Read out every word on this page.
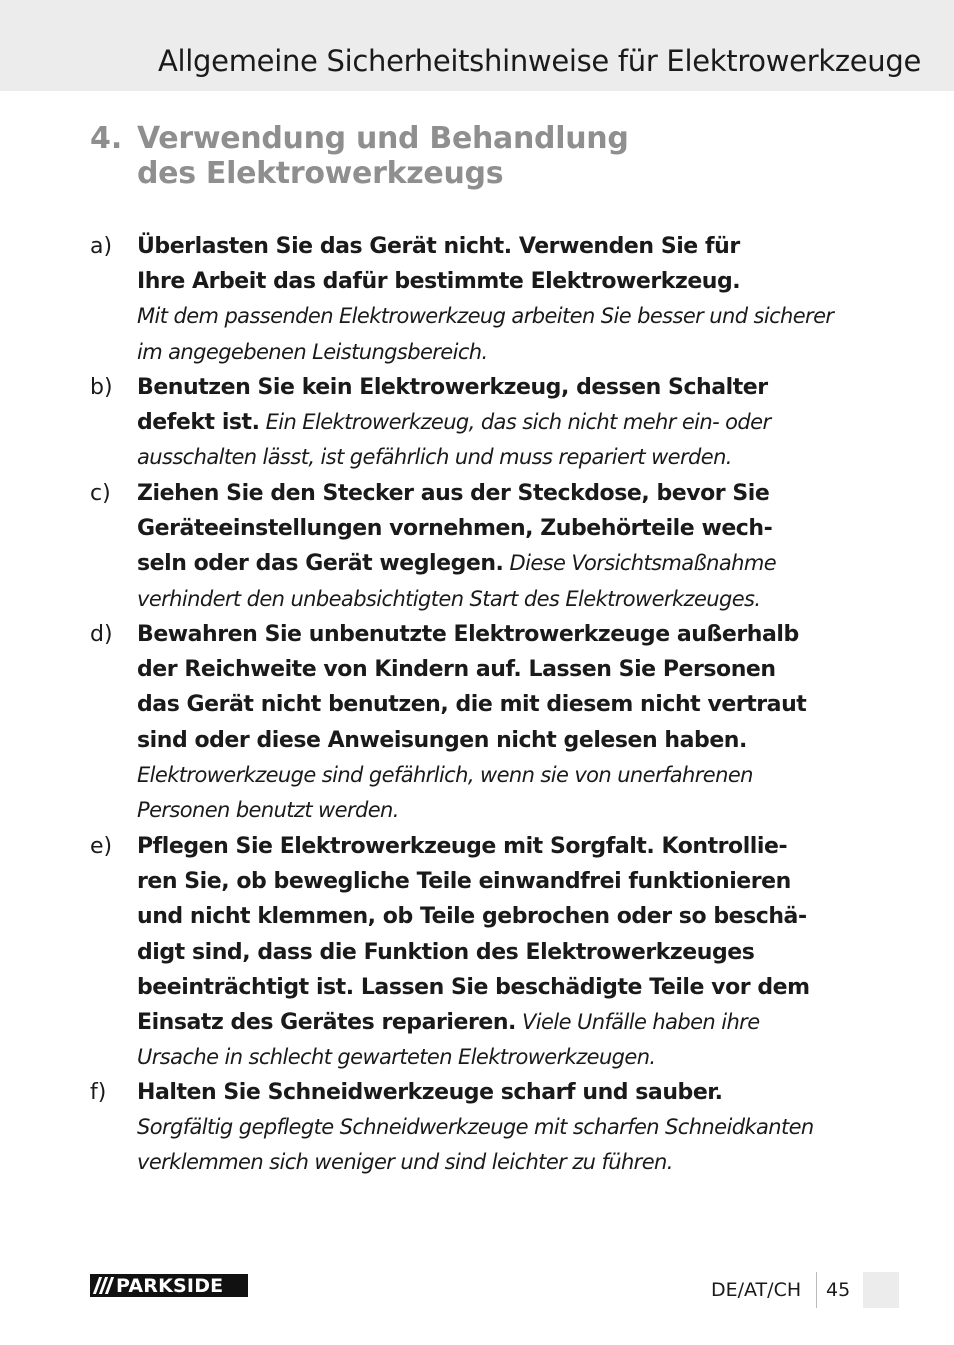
Allgemeine Sicherheitshinweise für Elektrowerkzeuge
4. Verwendung und Behandlung
des Elektrowerkzeugs
a) Überlasten Sie das Gerät nicht. Verwenden Sie für
Ihre Arbeit das dafür bestimmte Elektrowerkzeug.
Mit dem passenden Elektrowerkzeug arbeiten Sie besser und sicherer
im angegebenen Leistungsbereich.
b) Benutzen Sie kein Elektrowerkzeug, dessen Schalter
defekt ist. Ein Elektrowerkzeug, das sich nicht mehr ein- oder
ausschalten lässt, ist gefährlich und muss repariert werden.
c) Ziehen Sie den Stecker aus der Steckdose, bevor Sie
Geräteeinstellungen vornehmen, Zubehörteile wech-
seln oder das Gerät weglegen. Diese Vorsichtsmaßnahme
verhindert den unbeabsichtigten Start des Elektrowerkzeuges.
d) Bewahren Sie unbenutzte Elektrowerkzeuge außerhalb
der Reichweite von Kindern auf. Lassen Sie Personen
das Gerät nicht benutzen, die mit diesem nicht vertraut
sind oder diese Anweisungen nicht gelesen haben.
Elektrowerkzeuge sind gefährlich, wenn sie von unerfahrenen
Personen benutzt werden.
e) Pflegen Sie Elektrowerkzeuge mit Sorgfalt. Kontrollie-
ren Sie, ob bewegliche Teile einwandfrei funktionieren
und nicht klemmen, ob Teile gebrochen oder so beschä-
digt sind, dass die Funktion des Elektrowerkzeuges
beeinträchtigt ist. Lassen Sie beschädigte Teile vor dem
Einsatz des Gerätes reparieren. Viele Unfälle haben ihre
Ursache in schlecht gewarteten Elektrowerkzeugen.
f) Halten Sie Schneidwerkzeuge scharf und sauber.
Sorgfältig gepflegte Schneidwerkzeuge mit scharfen Schneidkanten
verklemmen sich weniger und sind leichter zu führen.
PARKSIDE	DE/AT/CH 45
